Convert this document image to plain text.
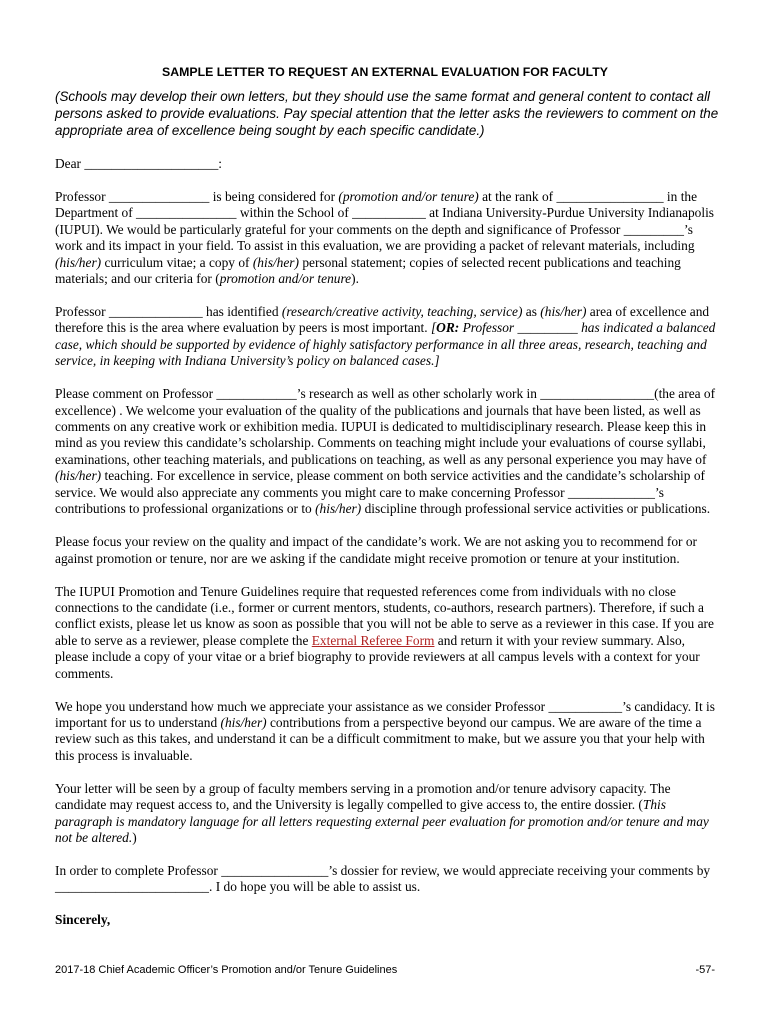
SAMPLE LETTER TO REQUEST AN EXTERNAL EVALUATION FOR FACULTY
(Schools may develop their own letters, but they should use the same format and general content to contact all persons asked to provide evaluations. Pay special attention that the letter asks the reviewers to comment on the appropriate area of excellence being sought by each specific candidate.)

Dear ____________________:

Professor _______________ is being considered for (promotion and/or tenure) at the rank of ________________ in the Department of _______________ within the School of ___________ at Indiana University-Purdue University Indianapolis (IUPUI). We would be particularly grateful for your comments on the depth and significance of Professor _________’s work and its impact in your field. To assist in this evaluation, we are providing a packet of relevant materials, including (his/her) curriculum vitae; a copy of (his/her) personal statement; copies of selected recent publications and teaching materials; and our criteria for (promotion and/or tenure).

Professor ______________ has identified (research/creative activity, teaching, service) as (his/her) area of excellence and therefore this is the area where evaluation by peers is most important. [OR: Professor _________ has indicated a balanced case, which should be supported by evidence of highly satisfactory performance in all three areas, research, teaching and service, in keeping with Indiana University’s policy on balanced cases.]

Please comment on Professor ____________’s research as well as other scholarly work in _________________(the area of excellence) . We welcome your evaluation of the quality of the publications and journals that have been listed, as well as comments on any creative work or exhibition media. IUPUI is dedicated to multidisciplinary research. Please keep this in mind as you review this candidate’s scholarship. Comments on teaching might include your evaluations of course syllabi, examinations, other teaching materials, and publications on teaching, as well as any personal experience you may have of (his/her) teaching. For excellence in service, please comment on both service activities and the candidate’s scholarship of service. We would also appreciate any comments you might care to make concerning Professor _____________’s contributions to professional organizations or to (his/her) discipline through professional service activities or publications.

Please focus your review on the quality and impact of the candidate’s work. We are not asking you to recommend for or against promotion or tenure, nor are we asking if the candidate might receive promotion or tenure at your institution.

The IUPUI Promotion and Tenure Guidelines require that requested references come from individuals with no close connections to the candidate (i.e., former or current mentors, students, co-authors, research partners). Therefore, if such a conflict exists, please let us know as soon as possible that you will not be able to serve as a reviewer in this case. If you are able to serve as a reviewer, please complete the External Referee Form and return it with your review summary. Also, please include a copy of your vitae or a brief biography to provide reviewers at all campus levels with a context for your comments.

We hope you understand how much we appreciate your assistance as we consider Professor ___________’s candidacy. It is important for us to understand (his/her) contributions from a perspective beyond our campus. We are aware of the time a review such as this takes, and understand it can be a difficult commitment to make, but we assure you that your help with this process is invaluable.

Your letter will be seen by a group of faculty members serving in a promotion and/or tenure advisory capacity. The candidate may request access to, and the University is legally compelled to give access to, the entire dossier. (This paragraph is mandatory language for all letters requesting external peer evaluation for promotion and/or tenure and may not be altered.)

In order to complete Professor ________________’s dossier for review, we would appreciate receiving your comments by _______________________. I do hope you will be able to assist us.

Sincerely,

2017-18 Chief Academic Officer’s Promotion and/or Tenure Guidelines	-57-
